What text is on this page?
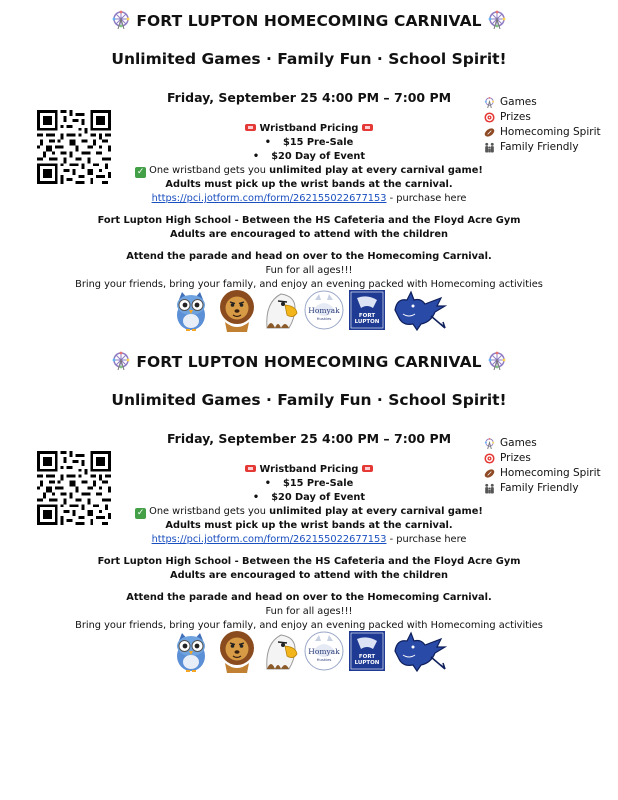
FORT LUPTON HOMECOMING CARNIVAL
Unlimited Games · Family Fun · School Spirit!
Friday, September 25 4:00 PM – 7:00 PM	Games
Prizes
Homecoming Spirit
Family Friendly
Wristband Pricing
• $15 Pre-Sale
• $20 Day of Event
✓ One wristband gets you unlimited play at every carnival game!
Adults must pick up the wrist bands at the carnival.
https://pci.jotform.com/form/262155022677153 - purchase here
Fort Lupton High School - Between the HS Cafeteria and the Floyd Acre Gym
Adults are encouraged to attend with the children
Attend the parade and head on over to the Homecoming Carnival.
Fun for all ages!!!
Bring your friends, bring your family, and enjoy an evening packed with Homecoming activities
Homyak
Huskies	FORT
LUPTON
FORT LUPTON HOMECOMING CARNIVAL
Unlimited Games · Family Fun · School Spirit!
Friday, September 25 4:00 PM – 7:00 PM	Games
Prizes
Homecoming Spirit
Family Friendly
Wristband Pricing
• $15 Pre-Sale
• $20 Day of Event
✓ One wristband gets you unlimited play at every carnival game!
Adults must pick up the wrist bands at the carnival.
https://pci.jotform.com/form/262155022677153 - purchase here
Fort Lupton High School - Between the HS Cafeteria and the Floyd Acre Gym
Adults are encouraged to attend with the children
Attend the parade and head on over to the Homecoming Carnival.
Fun for all ages!!!
Bring your friends, bring your family, and enjoy an evening packed with Homecoming activities
Homyak
Huskies	FORT
LUPTON
